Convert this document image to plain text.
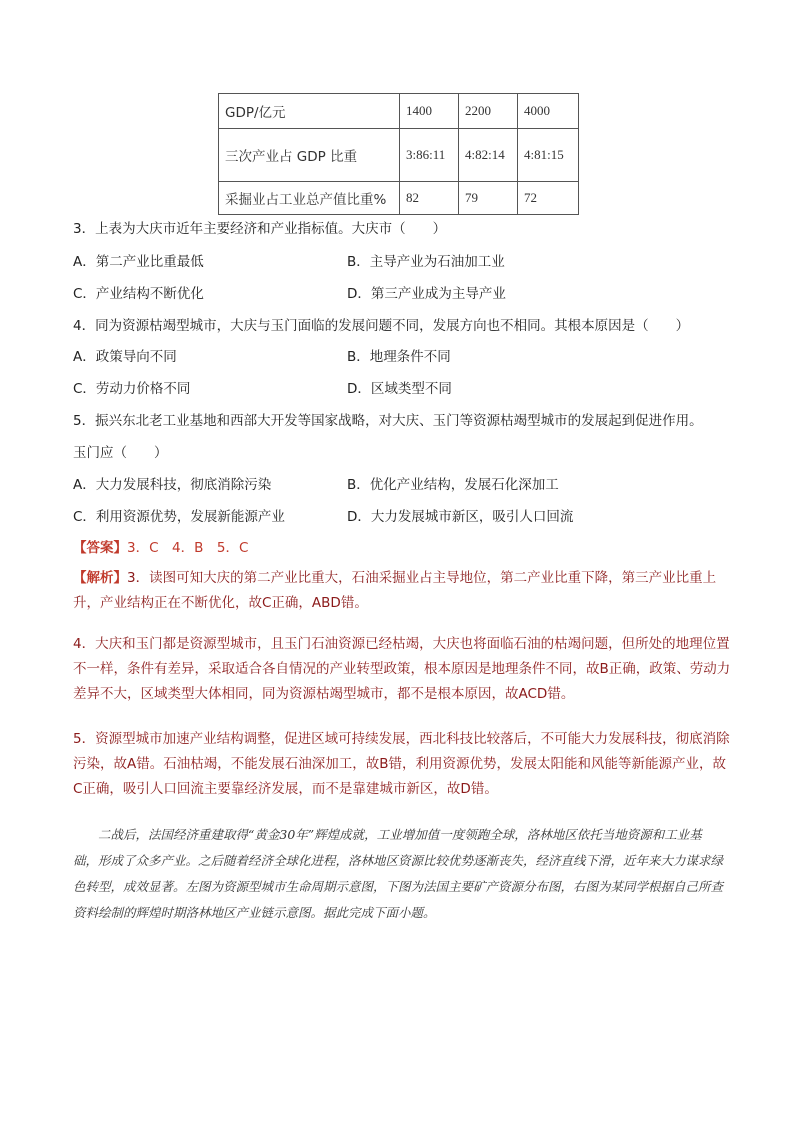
GDP/亿元	1400	2200	4000
三次产业占 GDP 比重	3:86:11	4:82:14	4:81:15
采掘业占工业总产值比重%	82	79	72
3．上表为大庆市近年主要经济和产业指标值。大庆市（　　）
A．第二产业比重最低	B．主导产业为石油加工业
C．产业结构不断优化	D．第三产业成为主导产业
4．同为资源枯竭型城市，大庆与玉门面临的发展问题不同，发展方向也不相同。其根本原因是（　　）
A．政策导向不同	B．地理条件不同
C．劳动力价格不同	D．区域类型不同
5．振兴东北老工业基地和西部大开发等国家战略，对大庆、玉门等资源枯竭型城市的发展起到促进作用。
玉门应（　　）
A．大力发展科技，彻底消除污染	B．优化产业结构，发展石化深加工
C．利用资源优势，发展新能源产业	D．大力发展城市新区，吸引人口回流
【答案】3．C　4．B　5．C
【解析】3．读图可知大庆的第二产业比重大，石油采掘业占主导地位，第二产业比重下降，第三产业比重上升，产业结构正在不断优化，故C正确，ABD错。
4．大庆和玉门都是资源型城市，且玉门石油资源已经枯竭，大庆也将面临石油的枯竭问题，但所处的地理位置不一样，条件有差异，采取适合各自情况的产业转型政策，根本原因是地理条件不同，故B正确，政策、劳动力差异不大，区域类型大体相同，同为资源枯竭型城市，都不是根本原因，故ACD错。
5．资源型城市加速产业结构调整，促进区域可持续发展，西北科技比较落后，不可能大力发展科技，彻底消除污染，故A错。石油枯竭，不能发展石油深加工，故B错，利用资源优势，发展太阳能和风能等新能源产业，故C正确，吸引人口回流主要靠经济发展，而不是靠建城市新区，故D错。
二战后，法国经济重建取得“黄金30年”辉煌成就，工业增加值一度领跑全球，洛林地区依托当地资源和工业基础，形成了众多产业。之后随着经济全球化进程，洛林地区资源比较优势逐渐丧失，经济直线下滑，近年来大力谋求绿色转型，成效显著。左图为资源型城市生命周期示意图，下图为法国主要矿产资源分布图，右图为某同学根据自己所查资料绘制的辉煌时期洛林地区产业链示意图。据此完成下面小题。
